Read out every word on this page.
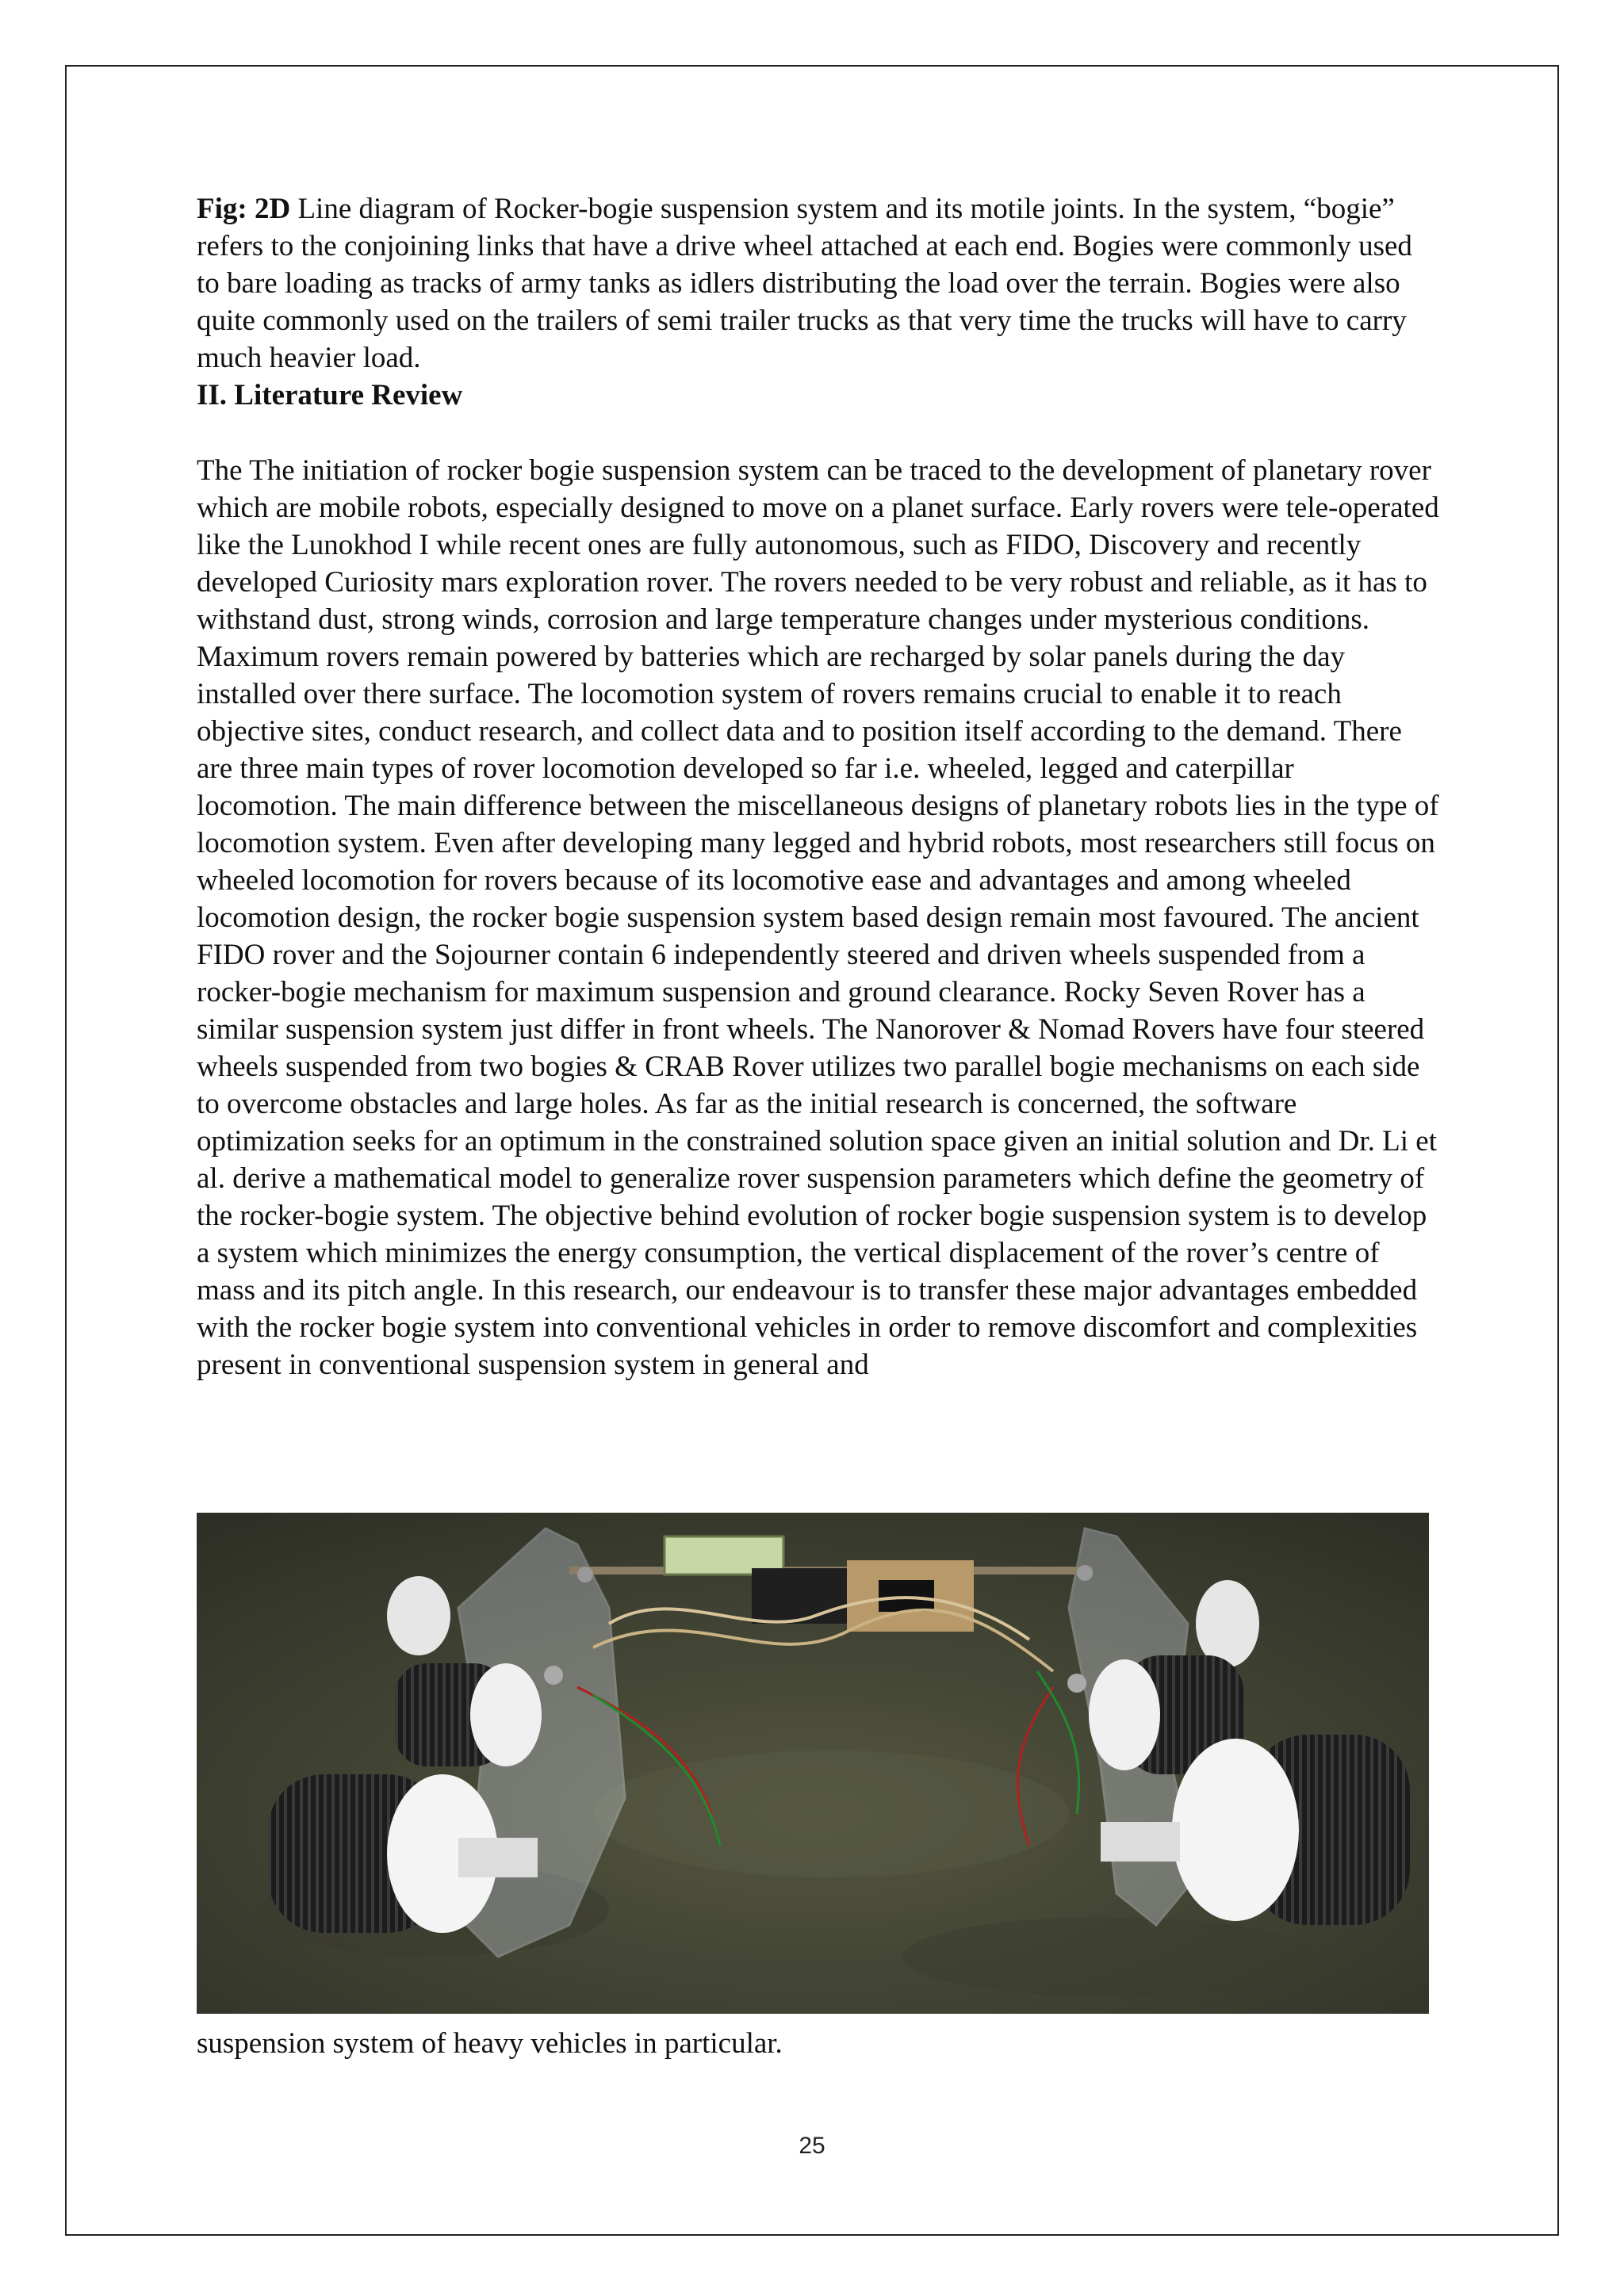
Fig: 2D Line diagram of Rocker-bogie suspension system and its motile joints. In the system, “bogie” refers to the conjoining links that have a drive wheel attached at each end. Bogies were commonly used to bare loading as tracks of army tanks as idlers distributing the load over the terrain. Bogies were also quite commonly used on the trailers of semi trailer trucks as that very time the trucks will have to carry much heavier load.

II. Literature Review

The The initiation of rocker bogie suspension system can be traced to the development of planetary rover which are mobile robots, especially designed to move on a planet surface. Early rovers were tele-operated like the Lunokhod I while recent ones are fully autonomous, such as FIDO, Discovery and recently developed Curiosity mars exploration rover. The rovers needed to be very robust and reliable, as it has to withstand dust, strong winds, corrosion and large temperature changes under mysterious conditions. Maximum rovers remain powered by batteries which are recharged by solar panels during the day installed over there surface. The locomotion system of rovers remains crucial to enable it to reach objective sites, conduct research, and collect data and to position itself according to the demand. There are three main types of rover locomotion developed so far i.e. wheeled, legged and caterpillar locomotion. The main difference between the miscellaneous designs of planetary robots lies in the type of locomotion system. Even after developing many legged and hybrid robots, most researchers still focus on wheeled locomotion for rovers because of its locomotive ease and advantages and among wheeled locomotion design, the rocker bogie suspension system based design remain most favoured. The ancient FIDO rover and the Sojourner contain 6 independently steered and driven wheels suspended from a rocker-bogie mechanism for maximum suspension and ground clearance. Rocky Seven Rover has a similar suspension system just differ in front wheels. The Nanorover & Nomad Rovers have four steered wheels suspended from two bogies & CRAB Rover utilizes two parallel bogie mechanisms on each side to overcome obstacles and large holes. As far as the initial research is concerned, the software optimization seeks for an optimum in the constrained solution space given an initial solution and Dr. Li et al. derive a mathematical model to generalize rover suspension parameters which define the geometry of the rocker-bogie system. The objective behind evolution of rocker bogie suspension system is to develop a system which minimizes the energy consumption, the vertical displacement of the rover’s centre of mass and its pitch angle. In this research, our endeavour is to transfer these major advantages embedded with the rocker bogie system into conventional vehicles in order to remove discomfort and complexities present in conventional suspension system in general and

suspension system of heavy vehicles in particular.

25
